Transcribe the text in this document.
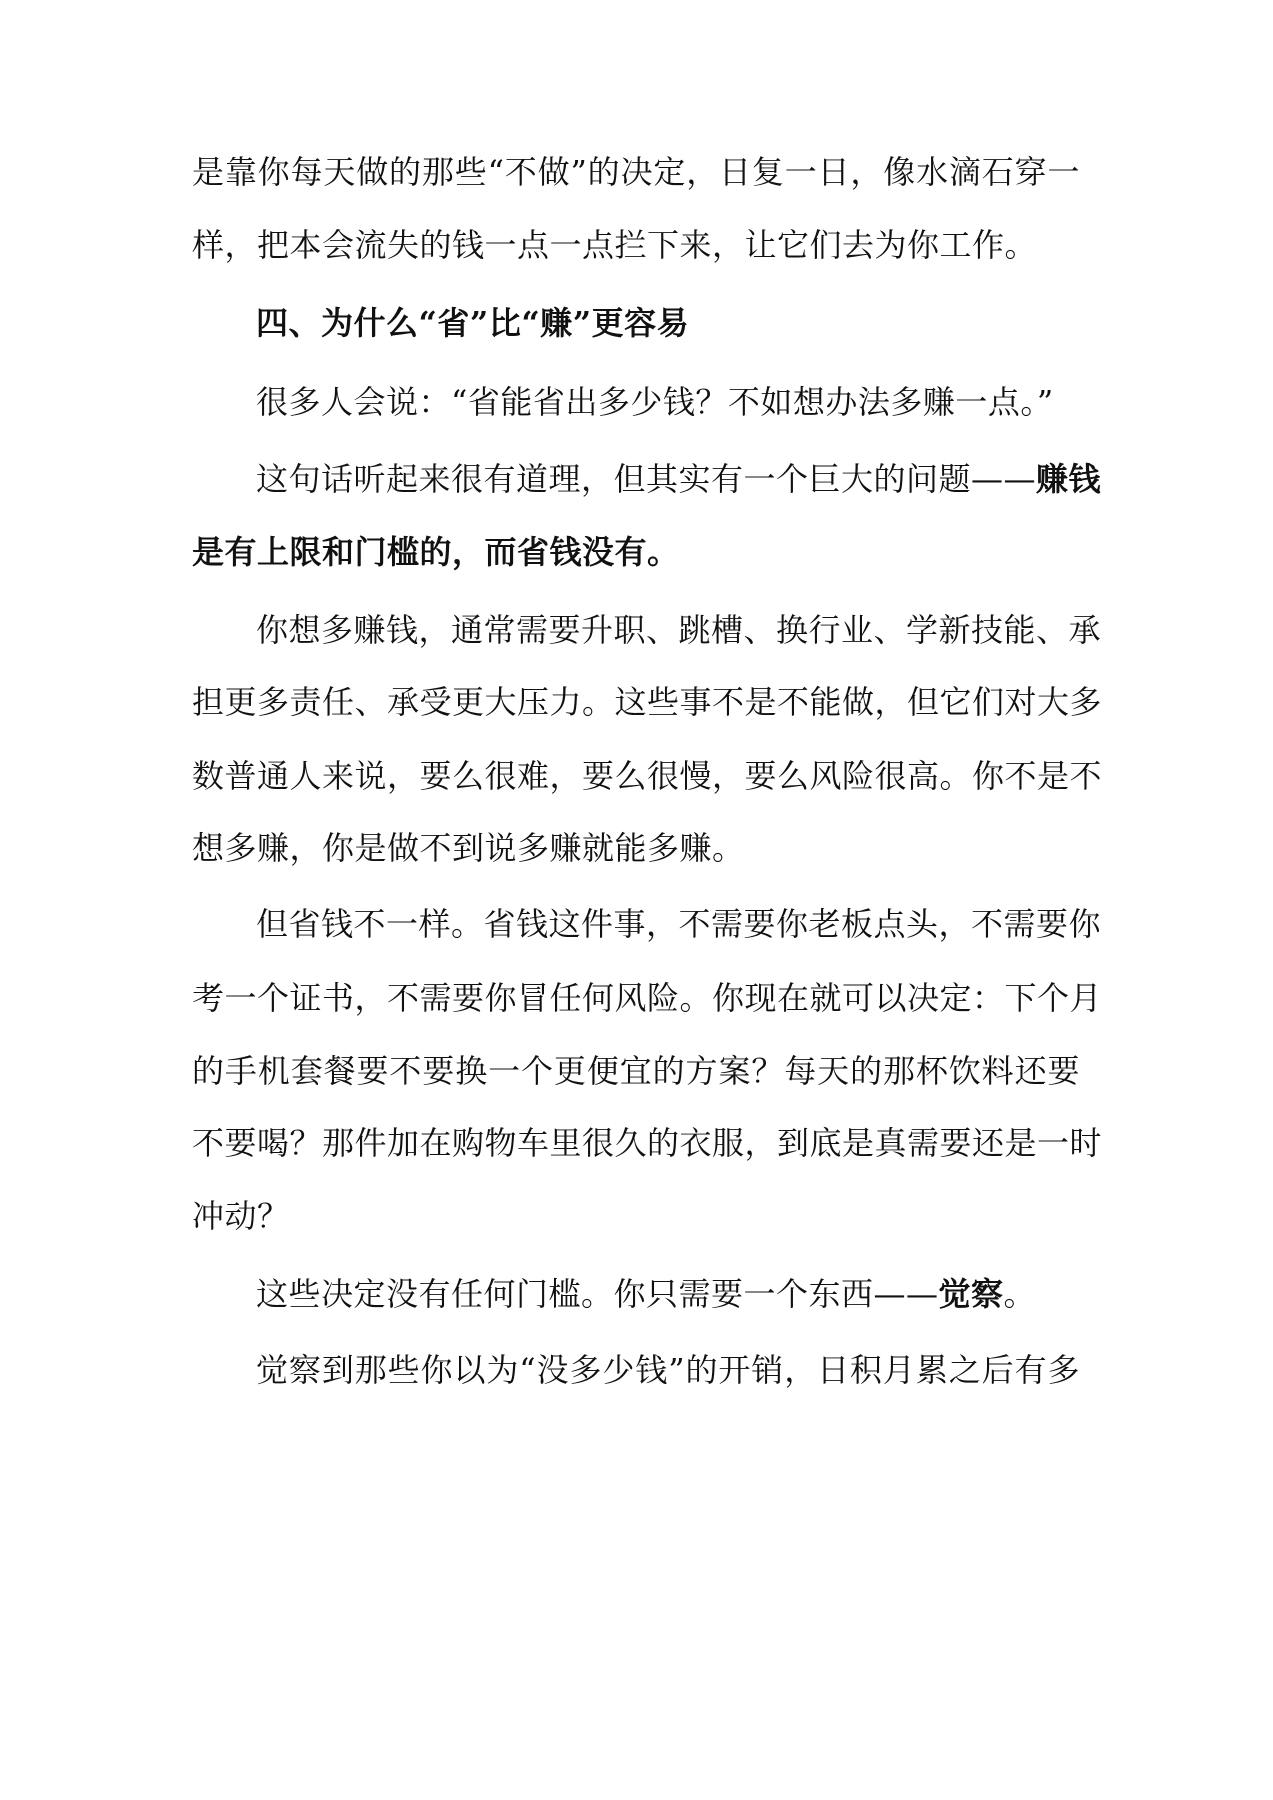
是靠你每天做的那些“不做”的决定，日复一日，像水滴石穿一
样，把本会流失的钱一点一点拦下来，让它们去为你工作。
四、为什么“省”比“赚”更容易
很多人会说：“省能省出多少钱？不如想办法多赚一点。”
这句话听起来很有道理，但其实有一个巨大的问题——赚钱
是有上限和门槛的，而省钱没有。
你想多赚钱，通常需要升职、跳槽、换行业、学新技能、承
担更多责任、承受更大压力。这些事不是不能做，但它们对大多
数普通人来说，要么很难，要么很慢，要么风险很高。你不是不
想多赚，你是做不到说多赚就能多赚。
但省钱不一样。省钱这件事，不需要你老板点头，不需要你
考一个证书，不需要你冒任何风险。你现在就可以决定：下个月
的手机套餐要不要换一个更便宜的方案？每天的那杯饮料还要
不要喝？那件加在购物车里很久的衣服，到底是真需要还是一时
冲动？
这些决定没有任何门槛。你只需要一个东西——觉察。
觉察到那些你以为“没多少钱”的开销，日积月累之后有多
